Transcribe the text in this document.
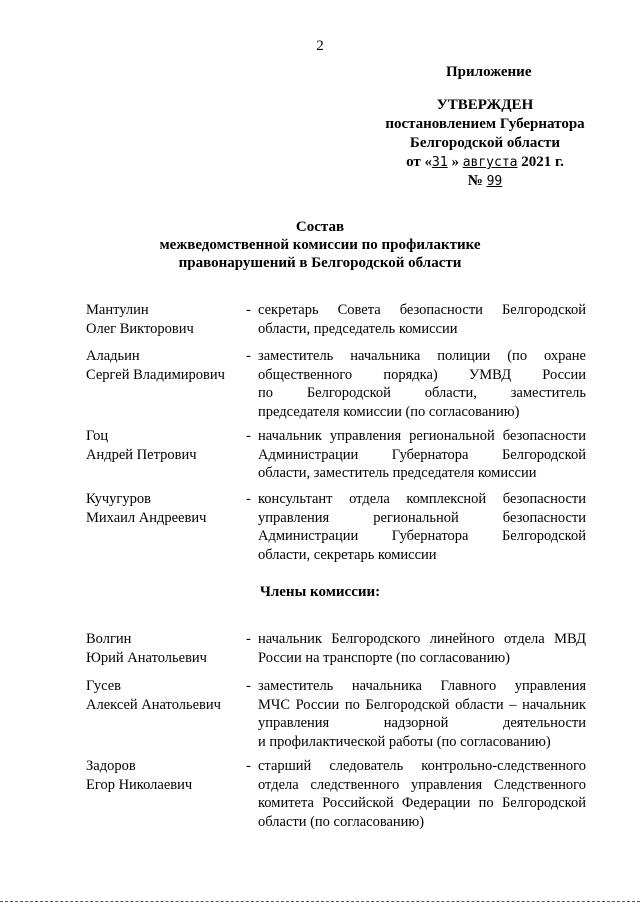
2
Приложение
УТВЕРЖДЕН
постановлением Губернатора
Белгородской области
от «31 » августа 2021 г.
№ 99
Состав
межведомственной комиссии по профилактике
правонарушений в Белгородской области
Мантулин
Олег Викторович
- секретарь Совета безопасности Белгородской
области, председатель комиссии
Аладьин
Сергей Владимирович
- заместитель начальника полиции (по охране
общественного порядка) УМВД России
по Белгородской области, заместитель
председателя комиссии (по согласованию)
Гоц
Андрей Петрович
- начальник управления региональной безопасности
Администрации Губернатора Белгородской
области, заместитель председателя комиссии
Кучугуров
Михаил Андреевич
- консультант отдела комплексной безопасности
управления региональной безопасности
Администрации Губернатора Белгородской
области, секретарь комиссии
Члены комиссии:
Волгин
Юрий Анатольевич
- начальник Белгородского линейного отдела МВД
России на транспорте (по согласованию)
Гусев
Алексей Анатольевич
- заместитель начальника Главного управления
МЧС России по Белгородской области – начальник
управления надзорной деятельности
и профилактической работы (по согласованию)
Задоров
Егор Николаевич
- старший следователь контрольно-следственного
отдела следственного управления Следственного
комитета Российской Федерации по Белгородской
области (по согласованию)
